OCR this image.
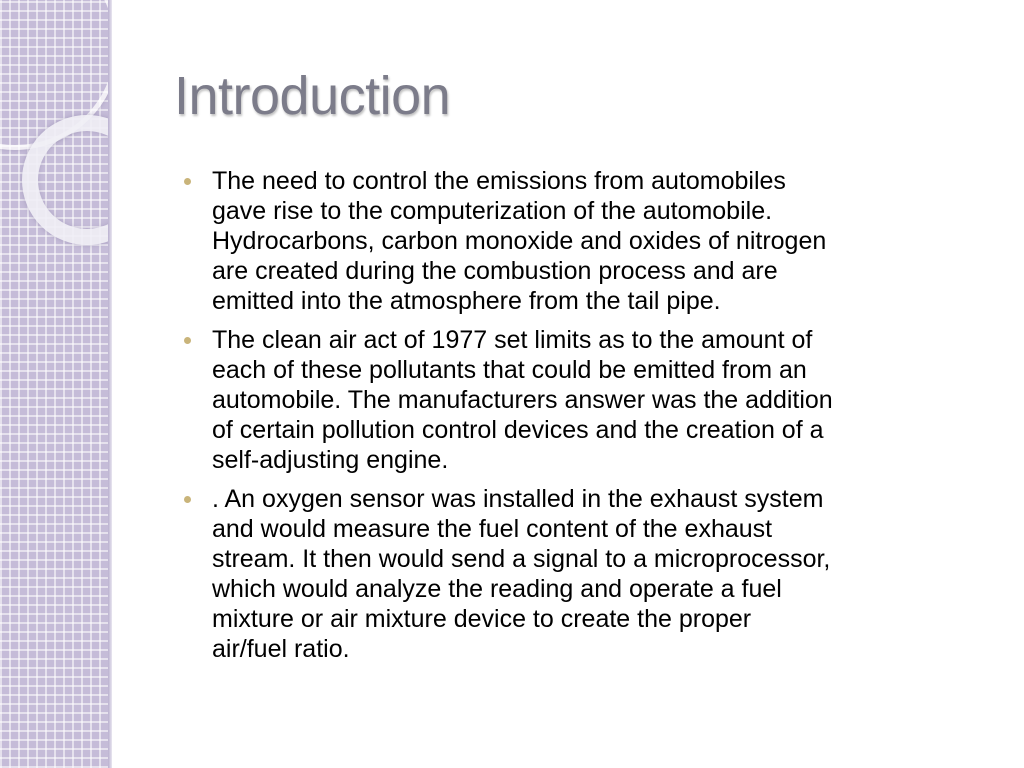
Introduction
The need to control the emissions from automobiles
gave rise to the computerization of the automobile.
Hydrocarbons, carbon monoxide and oxides of nitrogen
are created during the combustion process and are
emitted into the atmosphere from the tail pipe.
The clean air act of 1977 set limits as to the amount of
each of these pollutants that could be emitted from an
automobile. The manufacturers answer was the addition
of certain pollution control devices and the creation of a
self-adjusting engine.
. An oxygen sensor was installed in the exhaust system
and would measure the fuel content of the exhaust
stream. It then would send a signal to a microprocessor,
which would analyze the reading and operate a fuel
mixture or air mixture device to create the proper
air/fuel ratio.
